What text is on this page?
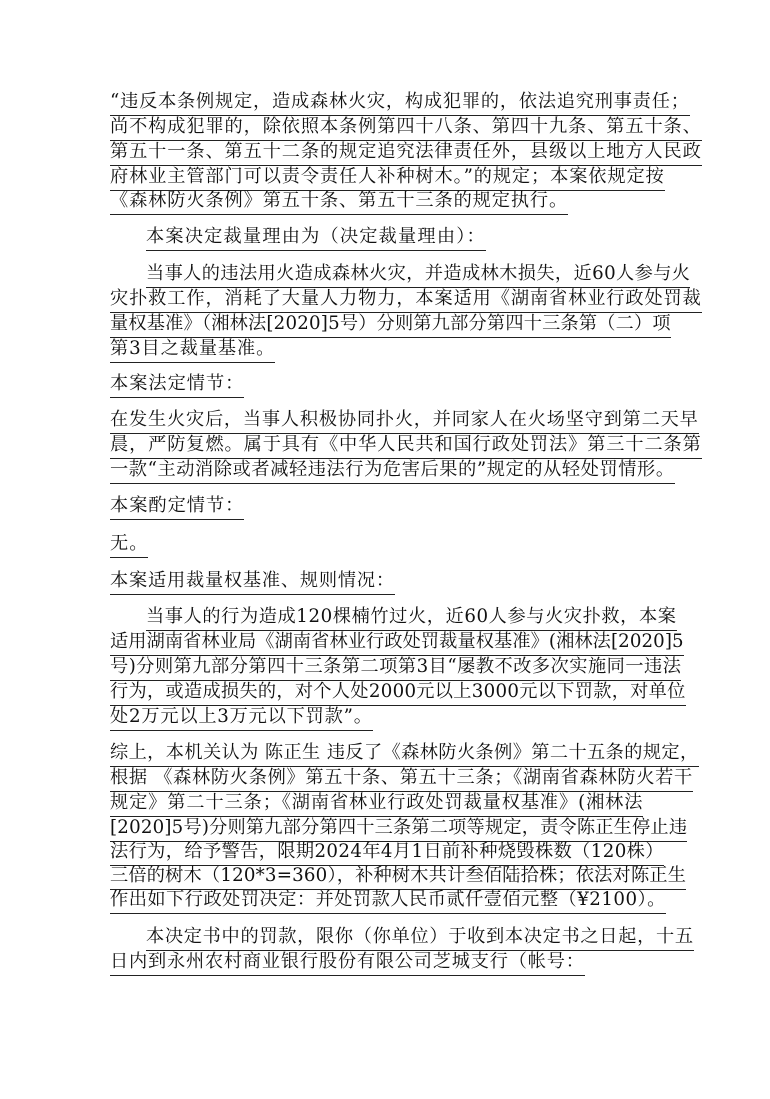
“违反本条例规定，造成森林火灾，构成犯罪的，依法追究刑事责任；
尚不构成犯罪的，除依照本条例第四十八条、第四十九条、第五十条、
第五十一条、第五十二条的规定追究法律责任外，县级以上地方人民政
府林业主管部门可以责令责任人补种树木。”的规定；本案依规定按
《森林防火条例》第五十条、第五十三条的规定执行。
本案决定裁量理由为（决定裁量理由）：
当事人的违法用火造成森林火灾，并造成林木损失，近60人参与火
灾扑救工作，消耗了大量人力物力，本案适用《湖南省林业行政处罚裁
量权基准》（湘林法[2020]5号）分则第九部分第四十三条第（二）项
第3目之裁量基准。
本案法定情节：
在发生火灾后，当事人积极协同扑火，并同家人在火场坚守到第二天早
晨，严防复燃。属于具有《中华人民共和国行政处罚法》第三十二条第
一款“主动消除或者减轻违法行为危害后果的”规定的从轻处罚情形。
本案酌定情节：
无。
本案适用裁量权基准、规则情况：
当事人的行为造成120棵楠竹过火，近60人参与火灾扑救，本案
适用湖南省林业局《湖南省林业行政处罚裁量权基准》(湘林法[2020]5
号)分则第九部分第四十三条第二项第3目“屡教不改多次实施同一违法
行为，或造成损失的，对个人处2000元以上3000元以下罚款，对单位
处2万元以上3万元以下罚款”。
综上，本机关认为 陈正生 违反了《森林防火条例》第二十五条的规定，
根据 《森林防火条例》第五十条、第五十三条；《湖南省森林防火若干
规定》第二十三条；《湖南省林业行政处罚裁量权基准》(湘林法
[2020]5号)分则第九部分第四十三条第二项等规定，责令陈正生停止违
法行为，给予警告，限期2024年4月1日前补种烧毁株数（120株）
三倍的树木（120*3=360），补种树木共计叁佰陆拾株；依法对陈正生
作出如下行政处罚决定：并处罚款人民币贰仟壹佰元整（¥2100）。
本决定书中的罚款，限你（你单位）于收到本决定书之日起，十五
日内到永州农村商业银行股份有限公司芝城支行（帐号：
